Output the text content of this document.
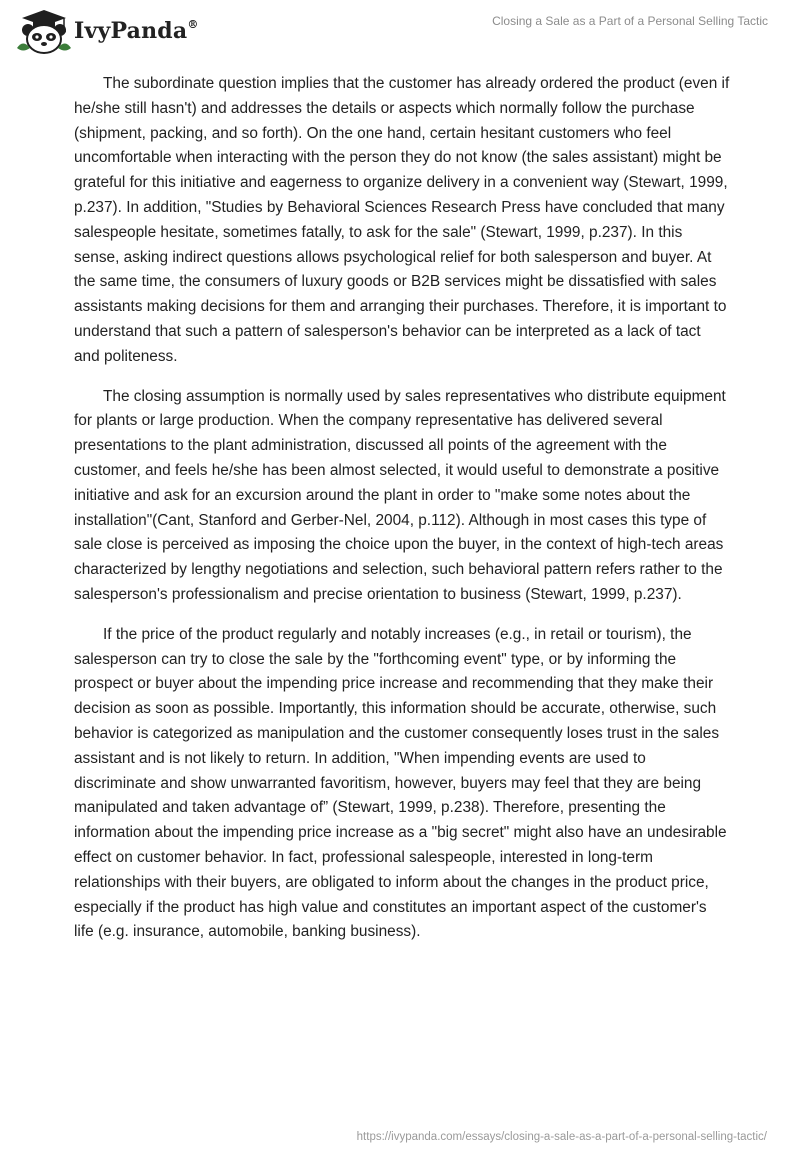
IvyPanda®	Closing a Sale as a Part of a Personal Selling Tactic

The subordinate question implies that the customer has already ordered the product (even if he/she still hasn't) and addresses the details or aspects which normally follow the purchase (shipment, packing, and so forth). On the one hand, certain hesitant customers who feel uncomfortable when interacting with the person they do not know (the sales assistant) might be grateful for this initiative and eagerness to organize delivery in a convenient way (Stewart, 1999, p.237). In addition, "Studies by Behavioral Sciences Research Press have concluded that many salespeople hesitate, sometimes fatally, to ask for the sale" (Stewart, 1999, p.237). In this sense, asking indirect questions allows psychological relief for both salesperson and buyer. At the same time, the consumers of luxury goods or B2B services might be dissatisfied with sales assistants making decisions for them and arranging their purchases. Therefore, it is important to understand that such a pattern of salesperson's behavior can be interpreted as a lack of tact and politeness.

The closing assumption is normally used by sales representatives who distribute equipment for plants or large production. When the company representative has delivered several presentations to the plant administration, discussed all points of the agreement with the customer, and feels he/she has been almost selected, it would useful to demonstrate a positive initiative and ask for an excursion around the plant in order to "make some notes about the installation"(Cant, Stanford and Gerber-Nel, 2004, p.112). Although in most cases this type of sale close is perceived as imposing the choice upon the buyer, in the context of high-tech areas characterized by lengthy negotiations and selection, such behavioral pattern refers rather to the salesperson's professionalism and precise orientation to business (Stewart, 1999, p.237).

If the price of the product regularly and notably increases (e.g., in retail or tourism), the salesperson can try to close the sale by the "forthcoming event" type, or by informing the prospect or buyer about the impending price increase and recommending that they make their decision as soon as possible. Importantly, this information should be accurate, otherwise, such behavior is categorized as manipulation and the customer consequently loses trust in the sales assistant and is not likely to return. In addition, "When impending events are used to discriminate and show unwarranted favoritism, however, buyers may feel that they are being manipulated and taken advantage of” (Stewart, 1999, p.238). Therefore, presenting the information about the impending price increase as a "big secret" might also have an undesirable effect on customer behavior. In fact, professional salespeople, interested in long-term relationships with their buyers, are obligated to inform about the changes in the product price, especially if the product has high value and constitutes an important aspect of the customer's life (e.g. insurance, automobile, banking business).

https://ivypanda.com/essays/closing-a-sale-as-a-part-of-a-personal-selling-tactic/
